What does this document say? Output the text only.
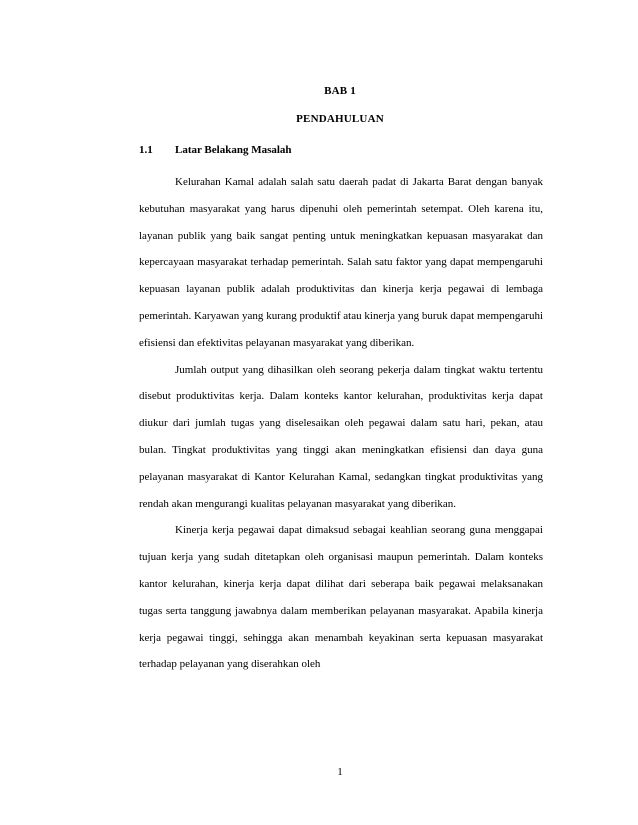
BAB 1
PENDAHULUAN
1.1 Latar Belakang Masalah

Kelurahan Kamal adalah salah satu daerah padat di Jakarta Barat dengan banyak kebutuhan masyarakat yang harus dipenuhi oleh pemerintah setempat. Oleh karena itu, layanan publik yang baik sangat penting untuk meningkatkan kepuasan masyarakat dan kepercayaan masyarakat terhadap pemerintah. Salah satu faktor yang dapat mempengaruhi kepuasan layanan publik adalah produktivitas dan kinerja kerja pegawai di lembaga pemerintah. Karyawan yang kurang produktif atau kinerja yang buruk dapat mempengaruhi efisiensi dan efektivitas pelayanan masyarakat yang diberikan.

Jumlah output yang dihasilkan oleh seorang pekerja dalam tingkat waktu tertentu disebut produktivitas kerja. Dalam konteks kantor kelurahan, produktivitas kerja dapat diukur dari jumlah tugas yang diselesaikan oleh pegawai dalam satu hari, pekan, atau bulan. Tingkat produktivitas yang tinggi akan meningkatkan efisiensi dan daya guna pelayanan masyarakat di Kantor Kelurahan Kamal, sedangkan tingkat produktivitas yang rendah akan mengurangi kualitas pelayanan masyarakat yang diberikan.

Kinerja kerja pegawai dapat dimaksud sebagai keahlian seorang guna menggapai tujuan kerja yang sudah ditetapkan oleh organisasi maupun pemerintah. Dalam konteks kantor kelurahan, kinerja kerja dapat dilihat dari seberapa baik pegawai melaksanakan tugas serta tanggung jawabnya dalam memberikan pelayanan masyarakat. Apabila kinerja kerja pegawai tinggi, sehingga akan menambah keyakinan serta kepuasan masyarakat terhadap pelayanan yang diserahkan oleh

1
